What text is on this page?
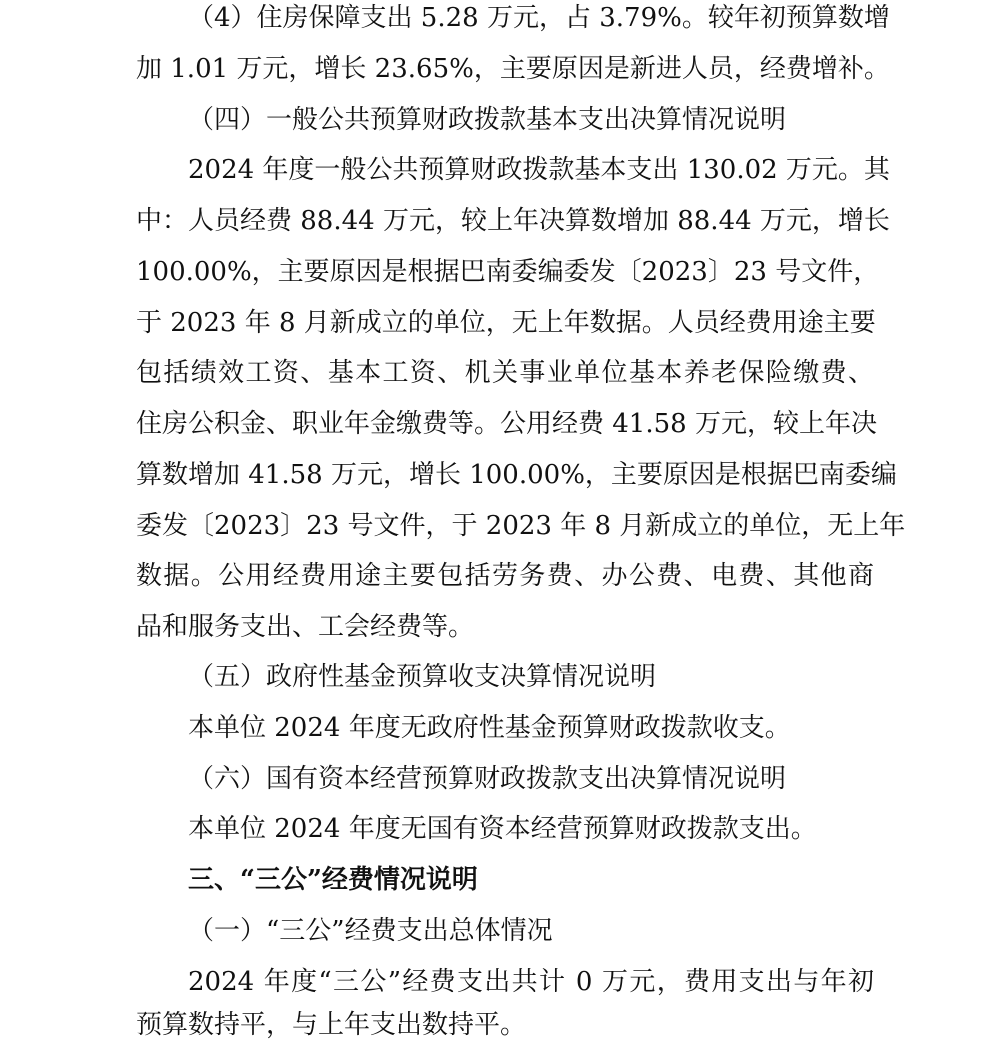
（4）住房保障支出 5.28 万元，占 3.79%。较年初预算数增
加 1.01 万元，增长 23.65%，主要原因是新进人员，经费增补。
（四）一般公共预算财政拨款基本支出决算情况说明
2024 年度一般公共预算财政拨款基本支出 130.02 万元。其
中：人员经费 88.44 万元，较上年决算数增加 88.44 万元，增长
100.00%，主要原因是根据巴南委编委发〔2023〕23 号文件，
于 2023 年 8 月新成立的单位，无上年数据。人员经费用途主要
包括绩效工资、基本工资、机关事业单位基本养老保险缴费、
住房公积金、职业年金缴费等。公用经费 41.58 万元，较上年决
算数增加 41.58 万元，增长 100.00%，主要原因是根据巴南委编
委发〔2023〕23 号文件，于 2023 年 8 月新成立的单位，无上年
数据。公用经费用途主要包括劳务费、办公费、电费、其他商
品和服务支出、工会经费等。
（五）政府性基金预算收支决算情况说明
本单位 2024 年度无政府性基金预算财政拨款收支。
（六）国有资本经营预算财政拨款支出决算情况说明
本单位 2024 年度无国有资本经营预算财政拨款支出。
三、“三公”经费情况说明
（一）“三公”经费支出总体情况
2024 年度“三公”经费支出共计 0 万元，费用支出与年初
预算数持平，与上年支出数持平。
